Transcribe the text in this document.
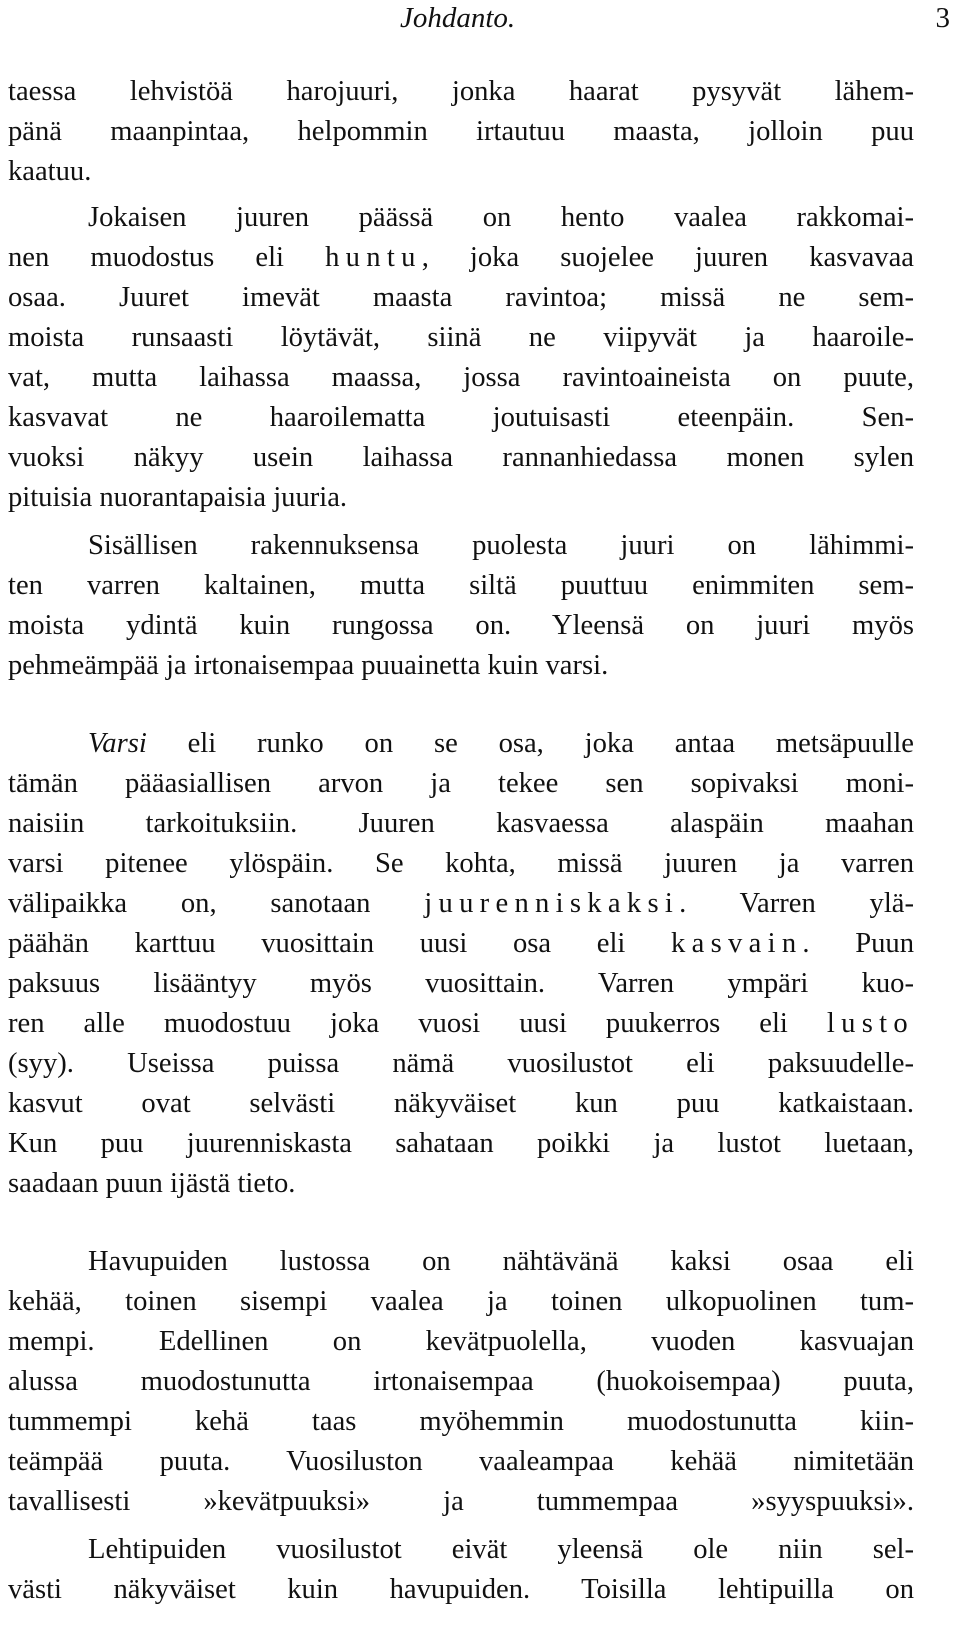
Johdanto.	3
taessa lehvistöä harojuuri, jonka haarat pysyvät lähem-
pänä maanpintaa, helpommin irtautuu maasta, jolloin puu
kaatuu.
Jokaisen juuren päässä on hento vaalea rakkomai-
nen muodostus eli huntu, joka suojelee juuren kasvavaa
osaa. Juuret imevät maasta ravintoa; missä ne sem-
moista runsaasti löytävät, siinä ne viipyvät ja haaroile-
vat, mutta laihassa maassa, jossa ravintoaineista on puute,
kasvavat ne haaroilematta joutuisasti eteenpäin. Sen-
vuoksi näkyy usein laihassa rannanhiedassa monen sylen
pituisia nuorantapaisia juuria.
Sisällisen rakennuksensa puolesta juuri on lähimmi-
ten varren kaltainen, mutta siltä puuttuu enimmiten sem-
moista ydintä kuin rungossa on. Yleensä on juuri myös
pehmeämpää ja irtonaisempaa puuainetta kuin varsi.
Varsi eli runko on se osa, joka antaa metsäpuulle
tämän pääasiallisen arvon ja tekee sen sopivaksi moni-
naisiin tarkoituksiin. Juuren kasvaessa alaspäin maahan
varsi pitenee ylöspäin. Se kohta, missä juuren ja varren
välipaikka on, sanotaan juurenniskaksi. Varren ylä-
päähän karttuu vuosittain uusi osa eli kasvain. Puun
paksuus lisääntyy myös vuosittain. Varren ympäri kuo-
ren alle muodostuu joka vuosi uusi puukerros eli lusto
(syy). Useissa puissa nämä vuosilustot eli paksuudelle-
kasvut ovat selvästi näkyväiset kun puu katkaistaan.
Kun puu juurenniskasta sahataan poikki ja lustot luetaan,
saadaan puun ijästä tieto.
Havupuiden lustossa on nähtävänä kaksi osaa eli
kehää, toinen sisempi vaalea ja toinen ulkopuolinen tum-
mempi. Edellinen on kevätpuolella, vuoden kasvuajan
alussa muodostunutta irtonaisempaa (huokoisempaa) puuta,
tummempi kehä taas myöhemmin muodostunutta kiin-
teämpää puuta. Vuosiluston vaaleampaa kehää nimitetään
tavallisesti »kevätpuuksi» ja tummempaa »syyspuuksi».
Lehtipuiden vuosilustot eivät yleensä ole niin sel-
västi näkyväiset kuin havupuiden. Toisilla lehtipuilla on
